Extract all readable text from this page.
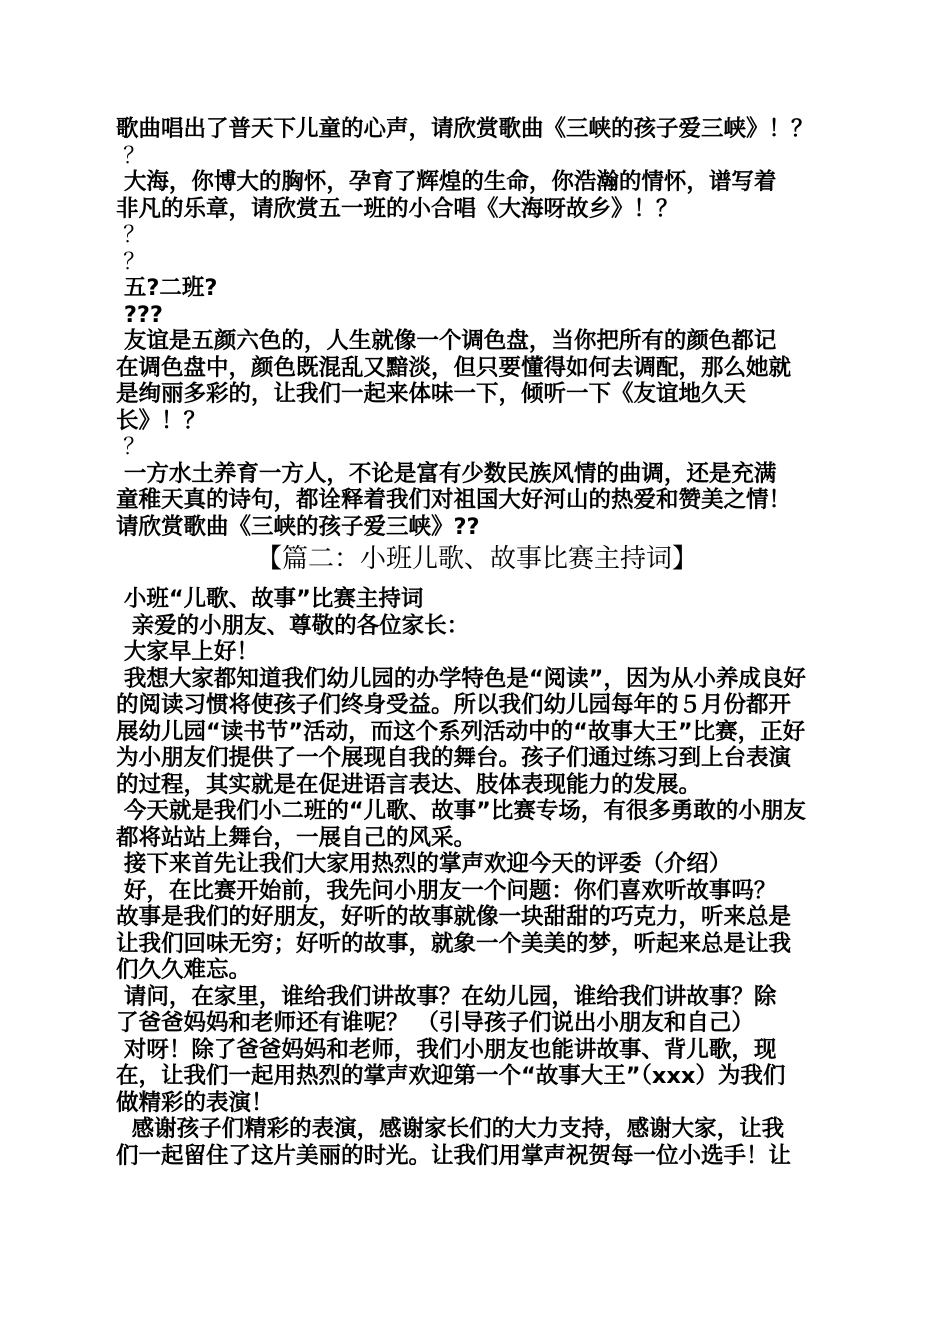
歌曲唱出了普天下儿童的心声，请欣赏歌曲《三峡的孩子爱三峡》！？
？
大海，你博大的胸怀，孕育了辉煌的生命，你浩瀚的情怀，谱写着
非凡的乐章，请欣赏五一班的小合唱《大海呀故乡》！？
？
？
五?二班?
???
友谊是五颜六色的，人生就像一个调色盘，当你把所有的颜色都记
在调色盘中，颜色既混乱又黯淡，但只要懂得如何去调配，那么她就
是绚丽多彩的，让我们一起来体味一下，倾听一下《友谊地久天
长》！？
？
一方水土养育一方人，不论是富有少数民族风情的曲调，还是充满
童稚天真的诗句，都诠释着我们对祖国大好河山的热爱和赞美之情！
请欣赏歌曲《三峡的孩子爱三峡》??
【篇二：小班儿歌、故事比赛主持词】
小班“儿歌、故事”比赛主持词
亲爱的小朋友、尊敬的各位家长：
大家早上好！
我想大家都知道我们幼儿园的办学特色是“阅读”，因为从小养成良好
的阅读习惯将使孩子们终身受益。所以我们幼儿园每年的５月份都开
展幼儿园“读书节”活动，而这个系列活动中的“故事大王”比赛，正好
为小朋友们提供了一个展现自我的舞台。孩子们通过练习到上台表演
的过程，其实就是在促进语言表达、肢体表现能力的发展。
今天就是我们小二班的“儿歌、故事”比赛专场，有很多勇敢的小朋友
都将站站上舞台，一展自己的风采。
接下来首先让我们大家用热烈的掌声欢迎今天的评委（介绍）
好，在比赛开始前，我先问小朋友一个问题：你们喜欢听故事吗？
故事是我们的好朋友，好听的故事就像一块甜甜的巧克力，听来总是
让我们回味无穷；好听的故事，就象一个美美的梦，听起来总是让我
们久久难忘。
请问，在家里，谁给我们讲故事？在幼儿园，谁给我们讲故事？除
了爸爸妈妈和老师还有谁呢？ （引导孩子们说出小朋友和自己）
对呀！除了爸爸妈妈和老师，我们小朋友也能讲故事、背儿歌，现
在，让我们一起用热烈的掌声欢迎第一个“故事大王”（xxx）为我们
做精彩的表演！
感谢孩子们精彩的表演，感谢家长们的大力支持，感谢大家，让我
们一起留住了这片美丽的时光。让我们用掌声祝贺每一位小选手！让
